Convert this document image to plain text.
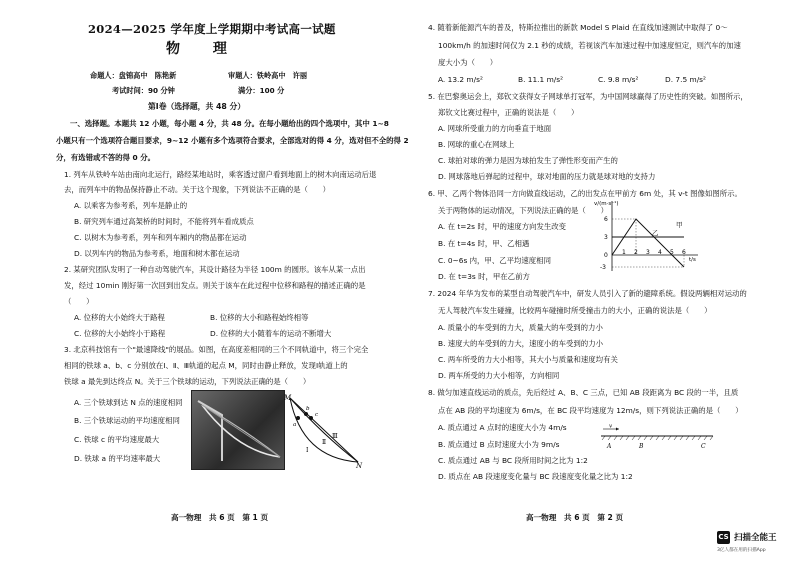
2024—2025 学年度上学期期中考试高一试题
物 理
命题人：盘锦高中　陈艳新	审题人：铁岭高中　许丽
考试时间：90 分钟	满分：100 分
第Ⅰ卷（选择题，共 48 分）
一、选择题。本题共 12 小题，每小题 4 分，共 48 分。在每小题给出的四个选项中，其中 1~8
小题只有一个选项符合题目要求，9~12 小题有多个选项符合要求，全部选对的得 4 分，选对但不全的得 2
分，有选错或不答的得 0 分。
1. 列车从铁岭车站由南向北运行，路经某地站时，乘客透过窗户看到地面上的树木向南运动后退
去，而列车中的物品保持静止不动。关于这个现象，下列说法不正确的是（　　）
A. 以乘客为参考系，列车是静止的
B. 研究列车通过高架桥的时间时，不能将列车看成质点
C. 以树木为参考系，列车和列车厢内的物品都在运动
D. 以列车内的物品为参考系，地面和树木都在运动
2. 某研究团队发明了一种自动驾驶汽车，其设计路径为半径 100m 的圆形。该车从某一点出
发，经过 10min 刚好第一次回到出发点。则关于该车在此过程中位移和路程的描述正确的是
（　　）
A. 位移的大小始终大于路程	B. 位移的大小和路程始终相等
C. 位移的大小始终小于路程	D. 位移的大小随着车的运动不断增大
3. 北京科技馆有一个"最速降线"的展品。如图，在高度差相同的三个不同轨道中，将三个完全
相同的铁球 a、b、c 分别放在Ⅰ、Ⅱ、Ⅲ轨道的起点 M，同时由静止释放，发现Ⅰ轨道上的
铁球 a 最先到达终点 N。关于三个铁球的运动，下列说法正确的是（　　）
A. 三个铁球到达 N 点的速度相同
B. 三个铁球运动的平均速度相同
C. 铁球 c 的平均速度最大
D. 铁球 a 的平均速率最大
M
N
a
b
c
Ⅰ
Ⅱ
Ⅲ
高一物理　共 6 页　第 1 页
4. 随着新能源汽车的普及，特斯拉推出的新款 Model S Plaid 在直线加速测试中取得了 0～
100km/h 的加速时间仅为 2.1 秒的成绩，若视该汽车加速过程中加速度恒定，则汽车的加速
度大小为（　　）
A. 13.2 m/s²	B. 11.1 m/s²	C. 9.8 m/s²	D. 7.5 m/s²
5. 在巴黎奥运会上，郑钦文获得女子网球单打冠军，为中国网球赢得了历史性的突破。如图所示，
郑钦文比赛过程中，正确的说法是（　　）
A. 网球所受重力的方向垂直于地面
B. 网球的重心在网球上
C. 球拍对球的弹力是因为球拍发生了弹性形变而产生的
D. 网球落地后弹起的过程中，球对地面的压力就是球对地的支持力
6. 甲、乙两个物体沿同一方向做直线运动，乙的出发点在甲前方 6m 处，其 v-t 图像如图所示。
关于两物体的运动情况，下列说法正确的是（　　）
A. 在 t=2s 时，甲的速度方向发生改变
B. 在 t=4s 时，甲、乙相遇
C. 0~6s 内，甲、乙平均速度相同
D. 在 t=3s 时，甲在乙前方
v/(m·s⁻¹)
t/s
6
3
0
-3
1 2 3 4 5 6
甲
乙
7. 2024 年华为发布的某型自动驾驶汽车中，研发人员引入了新的避障系统。假设两辆相对运动的
无人驾驶汽车发生碰撞，比较两车碰撞时所受撞击力的大小，正确的说法是（　　）
A. 质量小的车受到的力大，质量大的车受到的力小
B. 速度大的车受到的力大，速度小的车受到的力小
C. 两车所受的力大小相等，其大小与质量和速度均有关
D. 两车所受的力大小相等，方向相同
8. 做匀加速直线运动的质点，先后经过 A、B、C 三点，已知 AB 段距离为 BC 段的一半，且质
点在 AB 段的平均速度为 6m/s，在 BC 段平均速度为 12m/s，则下列说法正确的是（　　）
A. 质点通过 A 点时的速度大小为 4m/s
B. 质点通过 B 点时速度大小为 9m/s
C. 质点通过 AB 与 BC 段所用时间之比为 1:2
D. 质点在 AB 段速度变化量与 BC 段速度变化量之比为 1:2
v
A	B	C
高一物理　共 6 页　第 2 页
CS 扫描全能王
3亿人都在用的扫描App
